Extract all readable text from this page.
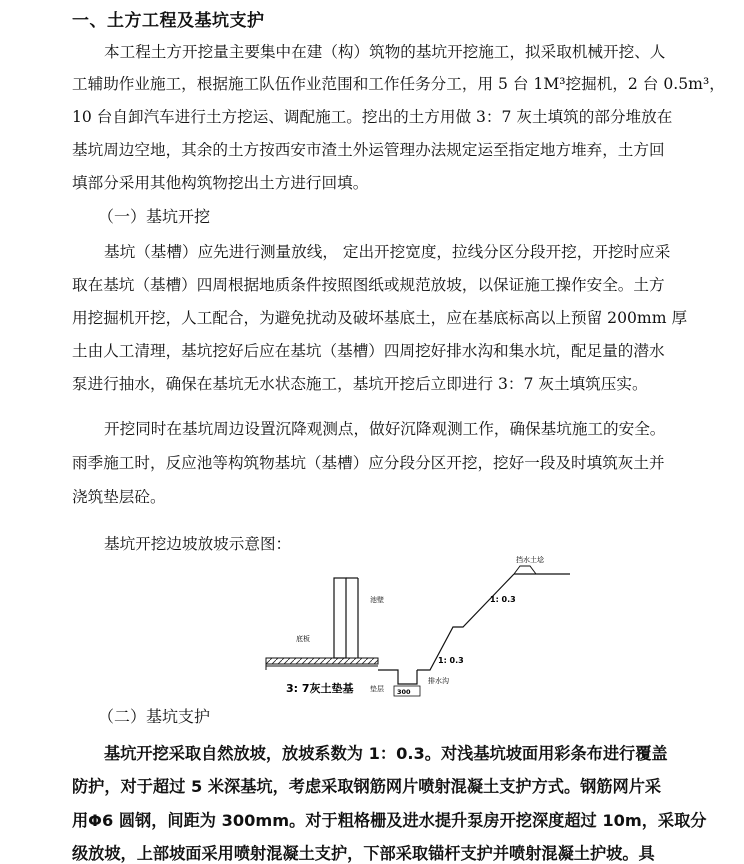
一、土方工程及基坑支护
本工程土方开挖量主要集中在建（构）筑物的基坑开挖施工，拟采取机械开挖、人
工辅助作业施工，根据施工队伍作业范围和工作任务分工，用 5 台 1M³挖掘机，2 台 0.5m³，
10 台自卸汽车进行土方挖运、调配施工。挖出的土方用做 3：7 灰土填筑的部分堆放在
基坑周边空地，其余的土方按西安市渣土外运管理办法规定运至指定地方堆弃，土方回
填部分采用其他构筑物挖出土方进行回填。
（一）基坑开挖
基坑（基槽）应先进行测量放线， 定出开挖宽度，拉线分区分段开挖，开挖时应采
取在基坑（基槽）四周根据地质条件按照图纸或规范放坡，以保证施工操作安全。土方
用挖掘机开挖，人工配合，为避免扰动及破坏基底土，应在基底标高以上预留 200mm 厚
土由人工清理，基坑挖好后应在基坑（基槽）四周挖好排水沟和集水坑，配足量的潜水
泵进行抽水，确保在基坑无水状态施工，基坑开挖后立即进行 3：7 灰土填筑压实。
开挖同时在基坑周边设置沉降观测点，做好沉降观测工作，确保基坑施工的安全。
雨季施工时，反应池等构筑物基坑（基槽）应分段分区开挖，挖好一段及时填筑灰土并
浇筑垫层砼。
基坑开挖边坡放坡示意图：
挡水土埝
池壁
底板
1: 0.3
1: 0.3
3: 7灰土垫基 垫层 300
排水沟
（二）基坑支护
基坑开挖采取自然放坡，放坡系数为 1：0.3。对浅基坑坡面用彩条布进行覆盖
防护，对于超过 5 米深基坑，考虑采取钢筋网片喷射混凝土支护方式。钢筋网片采
用Φ6 圆钢，间距为 300mm。对于粗格栅及进水提升泵房开挖深度超过 10m，采取分
级放坡，上部坡面采用喷射混凝土支护，下部采取锚杆支护并喷射混凝土护坡。具
